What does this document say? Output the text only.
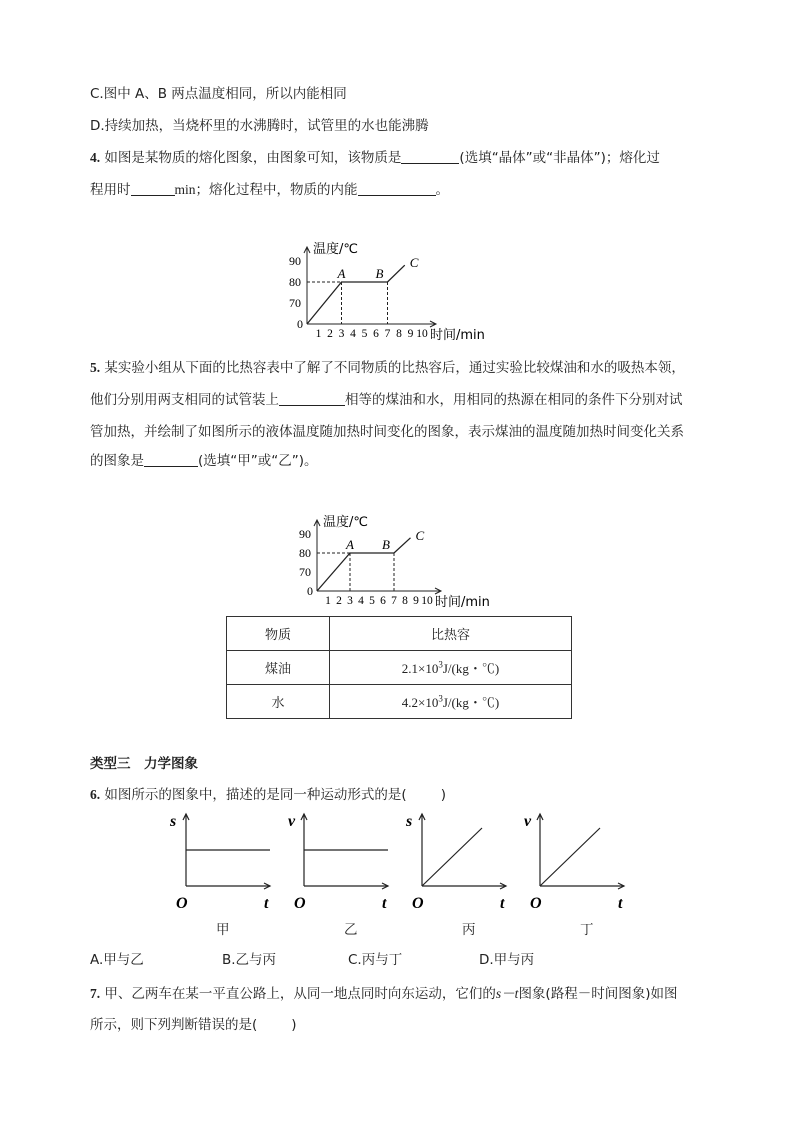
C.图中 A、B 两点温度相同，所以内能相同
D.持续加热，当烧杯里的水沸腾时，试管里的水也能沸腾
4. 如图是某物质的熔化图象，由图象可知，该物质是	(选填“晶体”或“非晶体”)；熔化过
程用时	min；熔化过程中，物质的内能	。
温度/℃
时间/min
0
70
80
90
1 2 3 4 5 6 7 8 9 10
A B
C
5. 某实验小组从下面的比热容表中了解了不同物质的比热容后，通过实验比较煤油和水的吸热本领，
他们分别用两支相同的试管装上	相等的煤油和水，用相同的热源在相同的条件下分别对试
管加热，并绘制了如图所示的液体温度随加热时间变化的图象，表示煤油的温度随加热时间变化关系
的图象是	(选填“甲”或“乙”)。
温度/℃
时间/min
0
70
80
90
1 2 3 4 5 6 7 8 9 10
A B
C
物质	比热容
煤油	$2.1\times 10^3J/(kg$・℃)
水	$4.2\times 10^3J/(kg$・℃)
类型三　力学图象
6. 如图所示的图象中，描述的是同一种运动形式的是(	)
s
t
O
v
t
O
s
t
O
v
t
O
甲	乙	丙	丁
A.甲与乙	B.乙与丙	C.丙与丁	D.甲与丙
7. 甲、乙两车在某一平直公路上，从同一地点同时向东运动，它们的s－t图象(路程－时间图象)如图
所示，则下列判断错误的是(	)
